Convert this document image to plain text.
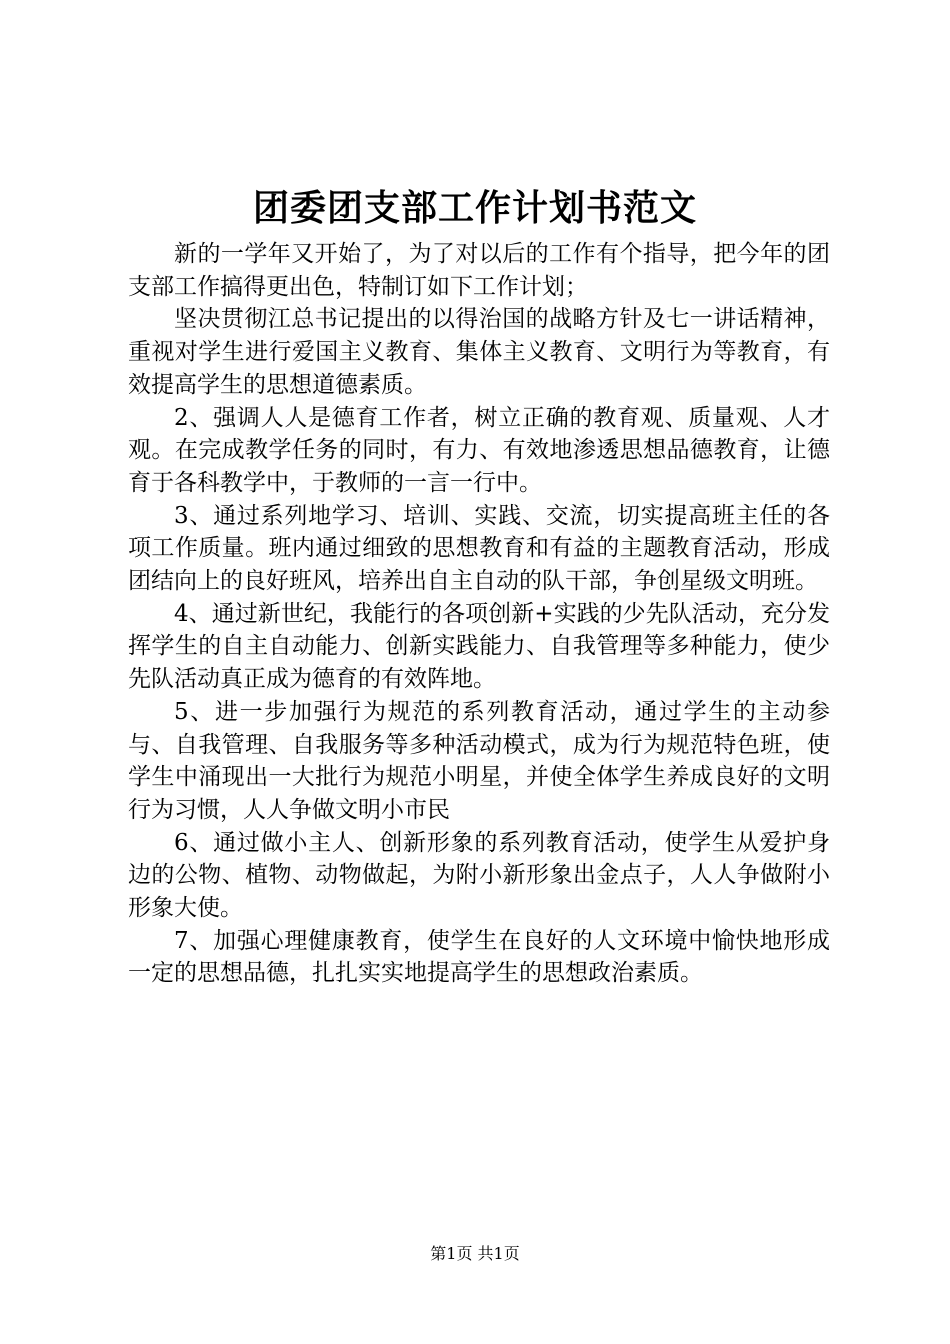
团委团支部工作计划书范文

新的一学年又开始了，为了对以后的工作有个指导，把今年的团支部工作搞得更出色，特制订如下工作计划；

坚决贯彻江总书记提出的以得治国的战略方针及七一讲话精神，重视对学生进行爱国主义教育、集体主义教育、文明行为等教育，有效提高学生的思想道德素质。

2、强调人人是德育工作者，树立正确的教育观、质量观、人才观。在完成教学任务的同时，有力、有效地渗透思想品德教育，让德育于各科教学中，于教师的一言一行中。

3、通过系列地学习、培训、实践、交流，切实提高班主任的各项工作质量。班内通过细致的思想教育和有益的主题教育活动，形成团结向上的良好班风，培养出自主自动的队干部，争创星级文明班。

4、通过新世纪，我能行的各项创新+实践的少先队活动，充分发挥学生的自主自动能力、创新实践能力、自我管理等多种能力，使少先队活动真正成为德育的有效阵地。

5、进一步加强行为规范的系列教育活动，通过学生的主动参与、自我管理、自我服务等多种活动模式，成为行为规范特色班，使学生中涌现出一大批行为规范小明星，并使全体学生养成良好的文明行为习惯，人人争做文明小市民

6、通过做小主人、创新形象的系列教育活动，使学生从爱护身边的公物、植物、动物做起，为附小新形象出金点子，人人争做附小形象大使。

7、加强心理健康教育，使学生在良好的人文环境中愉快地形成一定的思想品德，扎扎实实地提高学生的思想政治素质。

第1页 共1页
